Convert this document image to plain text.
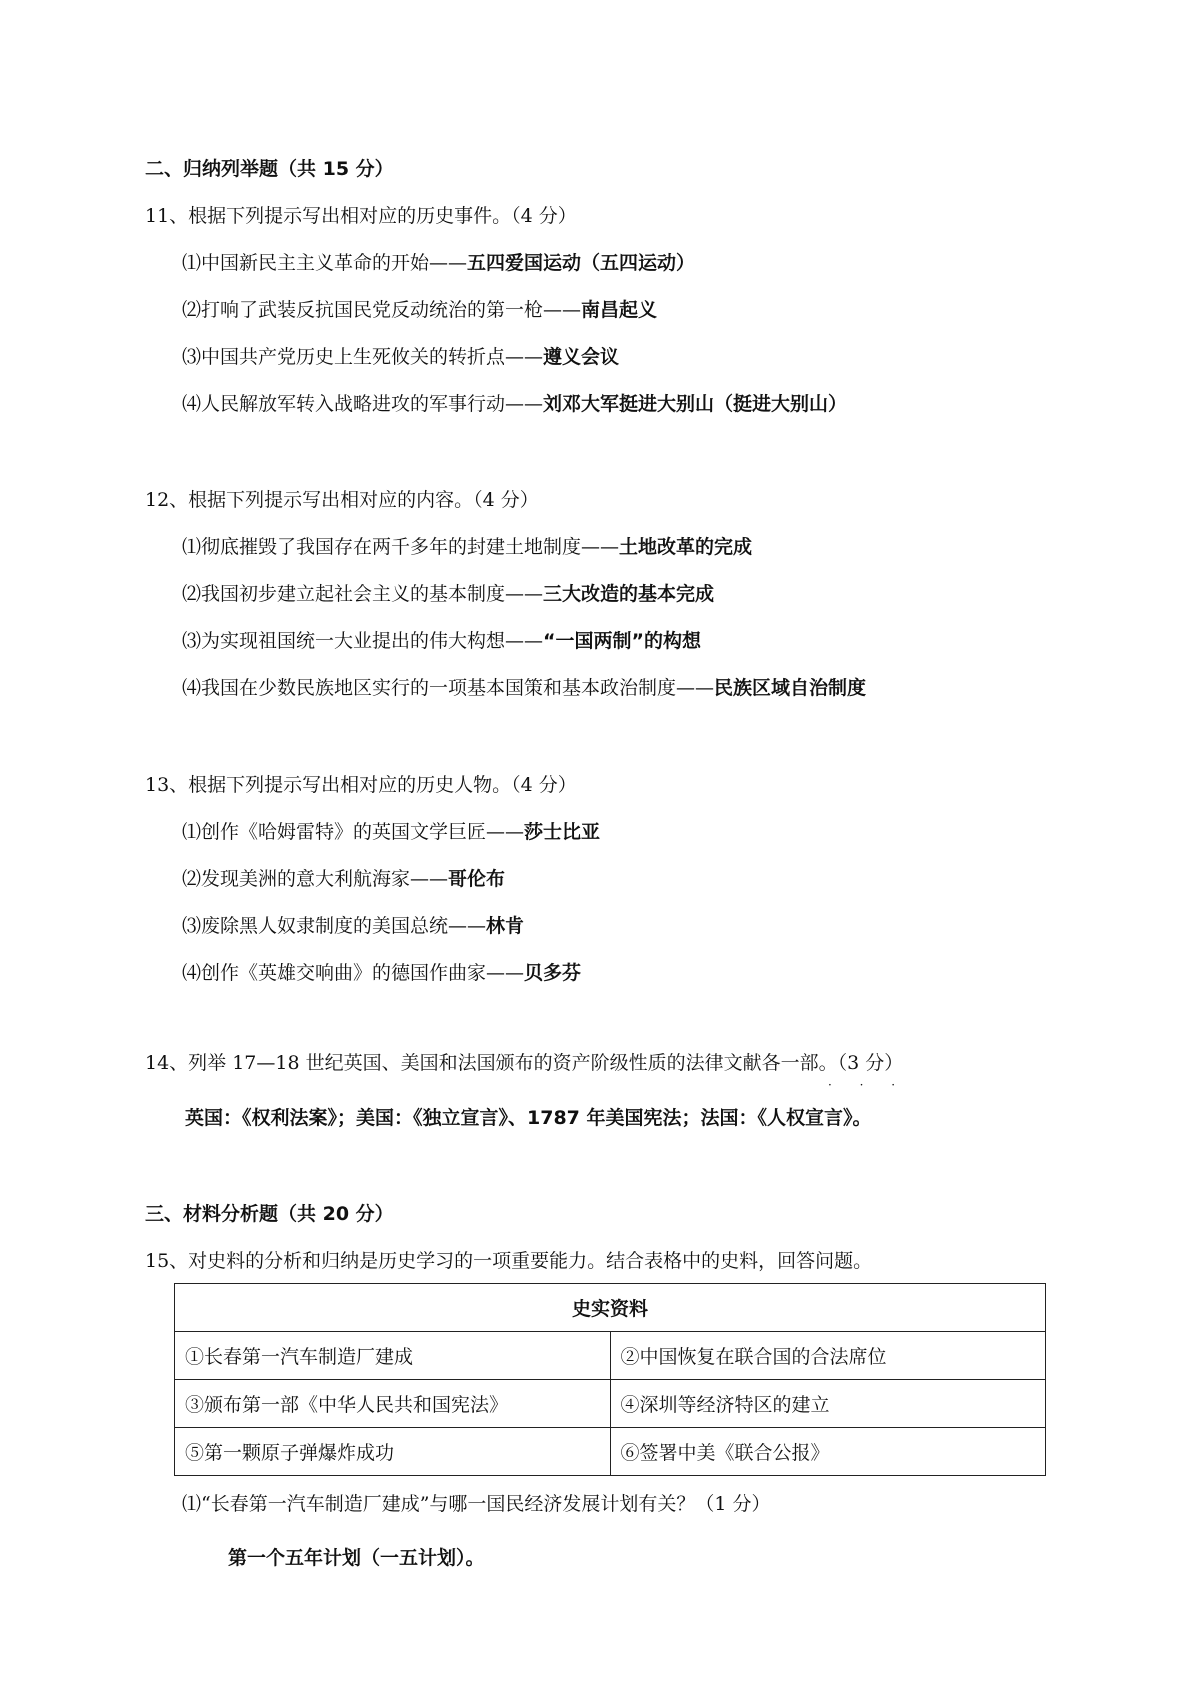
二、归纳列举题（共 15 分）
11、根据下列提示写出相对应的历史事件。（4 分）
⑴中国新民主主义革命的开始——五四爱国运动（五四运动）
⑵打响了武装反抗国民党反动统治的第一枪——南昌起义
⑶中国共产党历史上生死攸关的转折点——遵义会议
⑷人民解放军转入战略进攻的军事行动——刘邓大军挺进大别山（挺进大别山）
12、根据下列提示写出相对应的内容。（4 分）
⑴彻底摧毁了我国存在两千多年的封建土地制度——土地改革的完成
⑵我国初步建立起社会主义的基本制度——三大改造的基本完成
⑶为实现祖国统一大业提出的伟大构想——“一国两制”的构想
⑷我国在少数民族地区实行的一项基本国策和基本政治制度——民族区域自治制度
13、根据下列提示写出相对应的历史人物。（4 分）
⑴创作《哈姆雷特》的英国文学巨匠——莎士比亚
⑵发现美洲的意大利航海家——哥伦布
⑶废除黑人奴隶制度的美国总统——林肯
⑷创作《英雄交响曲》的德国作曲家——贝多芬
14、列举 17—18 世纪英国、美国和法国颁布的资产阶级性质的法律文献各一部。（3 分）
· · ·
英国：《权利法案》；美国：《独立宣言》、1787 年美国宪法；法国：《人权宣言》。
三、材料分析题（共 20 分）
15、对史料的分析和归纳是历史学习的一项重要能力。结合表格中的史料，回答问题。
史实资料	
①长春第一汽车制造厂建成	②中国恢复在联合国的合法席位
③颁布第一部《中华人民共和国宪法》	④深圳等经济特区的建立
⑤第一颗原子弹爆炸成功	⑥签署中美《联合公报》
⑴“长春第一汽车制造厂建成”与哪一国民经济发展计划有关？（1 分）
第一个五年计划（一五计划）。
